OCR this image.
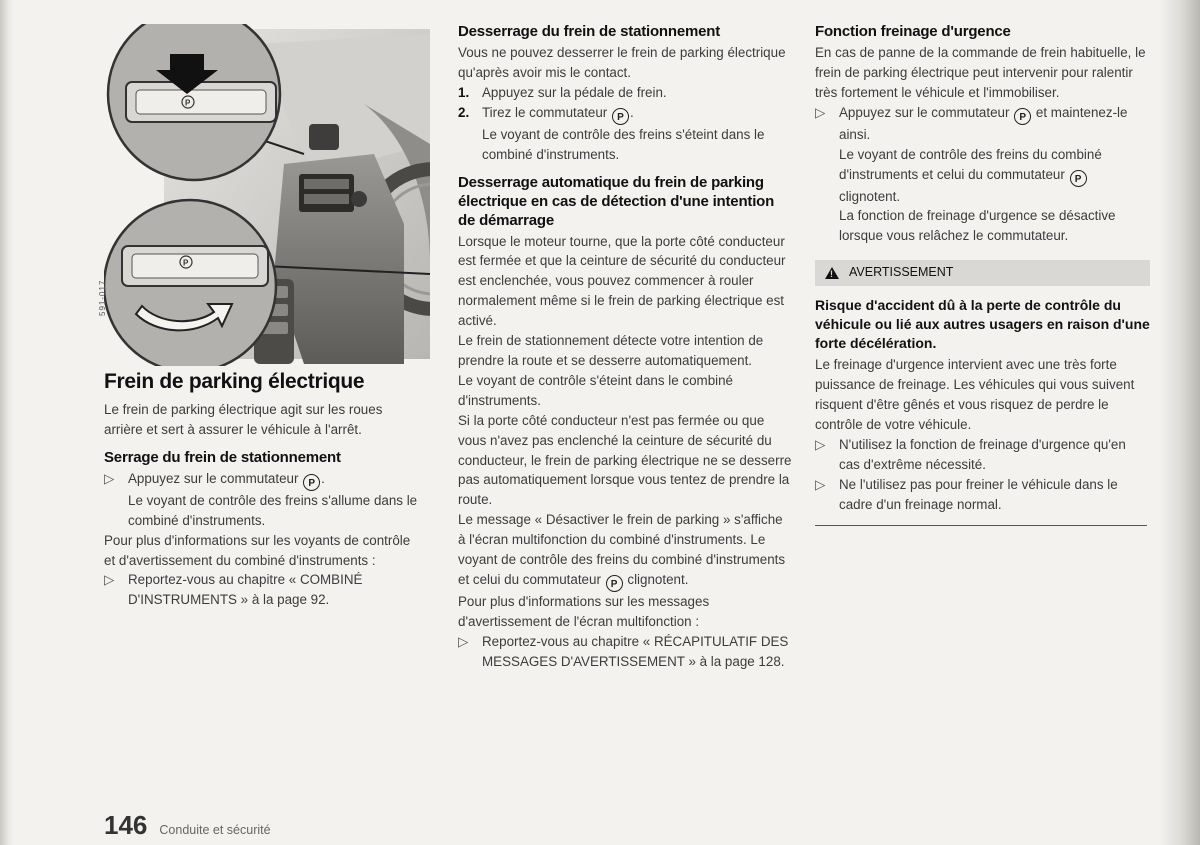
P
P
591-017
Frein de parking électrique

Le frein de parking électrique agit sur les roues arrière et sert à assurer le véhicule à l'arrêt.

Serrage du frein de stationnement
▷ Appuyez sur le commutateur P .

Le voyant de contrôle des freins s'allume dans le combiné d'instruments.

Pour plus d'informations sur les voyants de contrôle et d'avertissement du combiné d'instruments :

▷ Reportez-vous au chapitre « COMBINÉ D'INSTRUMENTS » à la page 92.
Desserrage du frein de stationnement

Vous ne pouvez desserrer le frein de parking électrique qu'après avoir mis le contact.

1. Appuyez sur la pédale de frein.
2. Tirez le commutateur P .

Le voyant de contrôle des freins s'éteint dans le combiné d'instruments.

Desserrage automatique du frein de parking électrique en cas de détection d'une intention de démarrage

Lorsque le moteur tourne, que la porte côté conducteur est fermée et que la ceinture de sécurité du conducteur est enclenchée, vous pouvez commencer à rouler normalement même si le frein de parking électrique est activé.

Le frein de stationnement détecte votre intention de prendre la route et se desserre automatiquement.

Le voyant de contrôle s'éteint dans le combiné d'instruments.

Si la porte côté conducteur n'est pas fermée ou que vous n'avez pas enclenché la ceinture de sécurité du conducteur, le frein de parking électrique ne se desserre pas automatiquement lorsque vous tentez de prendre la route.

Le message « Désactiver le frein de parking » s'affiche à l'écran multifonction du combiné d'instruments. Le voyant de contrôle des freins du combiné d'instruments et celui du commutateur P clignotent.

Pour plus d'informations sur les messages d'avertissement de l'écran multifonction :

▷ Reportez-vous au chapitre « RÉCAPITULATIF DES MESSAGES D'AVERTISSEMENT » à la page 128.
Fonction freinage d'urgence

En cas de panne de la commande de frein habituelle, le frein de parking électrique peut intervenir pour ralentir très fortement le véhicule et l'immobiliser.

▷ Appuyez sur le commutateur P et maintenez-le ainsi.

Le voyant de contrôle des freins du combiné d'instruments et celui du commutateur P clignotent.

La fonction de freinage d'urgence se désactive lorsque vous relâchez le commutateur.

! AVERTISSEMENT
Risque d'accident dû à la perte de contrôle du véhicule ou lié aux autres usagers en raison d'une forte décélération.

Le freinage d'urgence intervient avec une très forte puissance de freinage. Les véhicules qui vous suivent risquent d'être gênés et vous risquez de perdre le contrôle de votre véhicule.

▷ N'utilisez la fonction de freinage d'urgence qu'en cas d'extrême nécessité.
▷ Ne l'utilisez pas pour freiner le véhicule dans le cadre d'un freinage normal.
146 Conduite et sécurité
